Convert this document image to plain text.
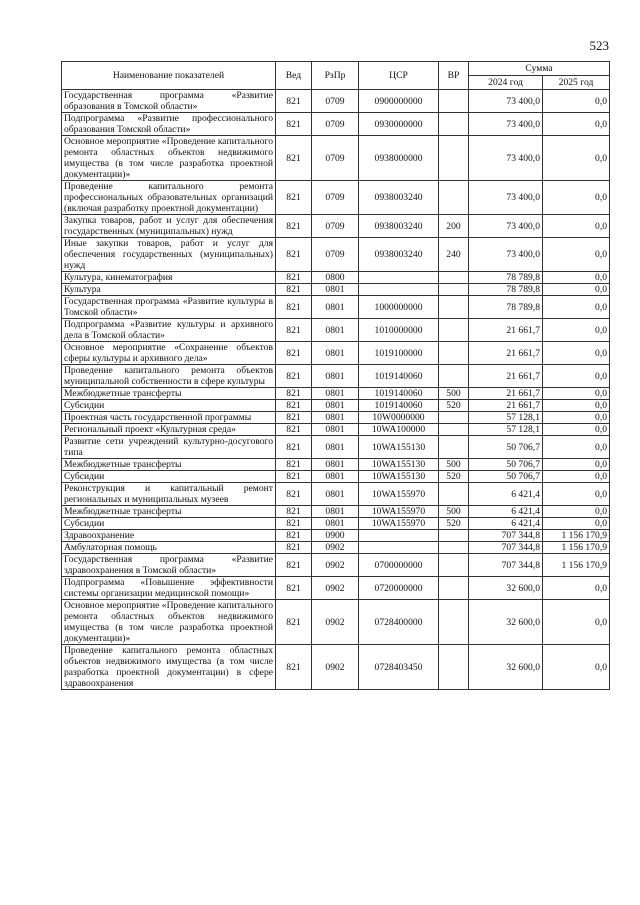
523
Наименование показателей	Вед	РзПр	ЦСР	ВР	Сумма	
					2024 год	2025 год
Государственная программа «Развитие образования в Томской области»	821	0709	0900000000		73 400,0	0,0
Подпрограмма «Развитие профессионального образования Томской области»	821	0709	0930000000		73 400,0	0,0
Основное мероприятие «Проведение капитального ремонта областных объектов недвижимого имущества (в том числе разработка проектной документации)»	821	0709	0938000000		73 400,0	0,0
Проведение капитального ремонта профессиональных образовательных организаций (включая разработку проектной документации)	821	0709	0938003240		73 400,0	0,0
Закупка товаров, работ и услуг для обеспечения государственных (муниципальных) нужд	821	0709	0938003240	200	73 400,0	0,0
Иные закупки товаров, работ и услуг для обеспечения государственных (муниципальных) нужд	821	0709	0938003240	240	73 400,0	0,0
Культура, кинематография	821	0800			78 789,8	0,0
Культура	821	0801			78 789,8	0,0
Государственная программа «Развитие культуры в Томской области»	821	0801	1000000000		78 789,8	0,0
Подпрограмма «Развитие культуры и архивного дела в Томской области»	821	0801	1010000000		21 661,7	0,0
Основное мероприятие «Сохранение объектов сферы культуры и архивного дела»	821	0801	1019100000		21 661,7	0,0
Проведение капитального ремонта объектов муниципальной собственности в сфере культуры	821	0801	1019140060		21 661,7	0,0
Межбюджетные трансферты	821	0801	1019140060	500	21 661,7	0,0
Субсидии	821	0801	1019140060	520	21 661,7	0,0
Проектная часть государственной программы	821	0801	10W0000000		57 128,1	0,0
Региональный проект «Культурная среда»	821	0801	10WA100000		57 128,1	0,0
Развитие сети учреждений культурно-досугового типа	821	0801	10WA155130		50 706,7	0,0
Межбюджетные трансферты	821	0801	10WA155130	500	50 706,7	0,0
Субсидии	821	0801	10WA155130	520	50 706,7	0,0
Реконструкция и капитальный ремонт региональных и муниципальных музеев	821	0801	10WA155970		6 421,4	0,0
Межбюджетные трансферты	821	0801	10WA155970	500	6 421,4	0,0
Субсидии	821	0801	10WA155970	520	6 421,4	0,0
Здравоохранение	821	0900			707 344,8	1 156 170,9
Амбулаторная помощь	821	0902			707 344,8	1 156 170,9
Государственная программа «Развитие здравоохранения в Томской области»	821	0902	0700000000		707 344,8	1 156 170,9
Подпрограмма «Повышение эффективности системы организации медицинской помощи»	821	0902	0720000000		32 600,0	0,0
Основное мероприятие «Проведение капитального ремонта областных объектов недвижимого имущества (в том числе разработка проектной документации)»	821	0902	0728400000		32 600,0	0,0
Проведение капитального ремонта областных объектов недвижимого имущества (в том числе разработка проектной документации) в сфере здравоохранения	821	0902	0728403450		32 600,0	0,0
